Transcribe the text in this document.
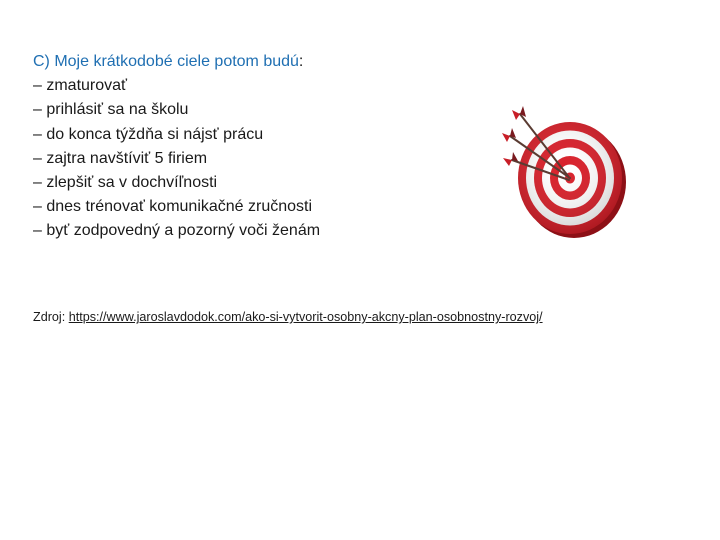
C) Moje krátkodobé ciele potom budú:
– zmaturovať
– prihlásiť sa na školu
– do konca týždňa si nájsť prácu
– zajtra navštíviť 5 firiem
– zlepšiť sa v dochvíľnosti
– dnes trénovať komunikačné zručnosti
– byť zodpovedný a pozorný voči ženám
Zdroj: https://www.jaroslavdodok.com/ako-si-vytvorit-osobny-akcny-plan-osobnostny-rozvoj/
